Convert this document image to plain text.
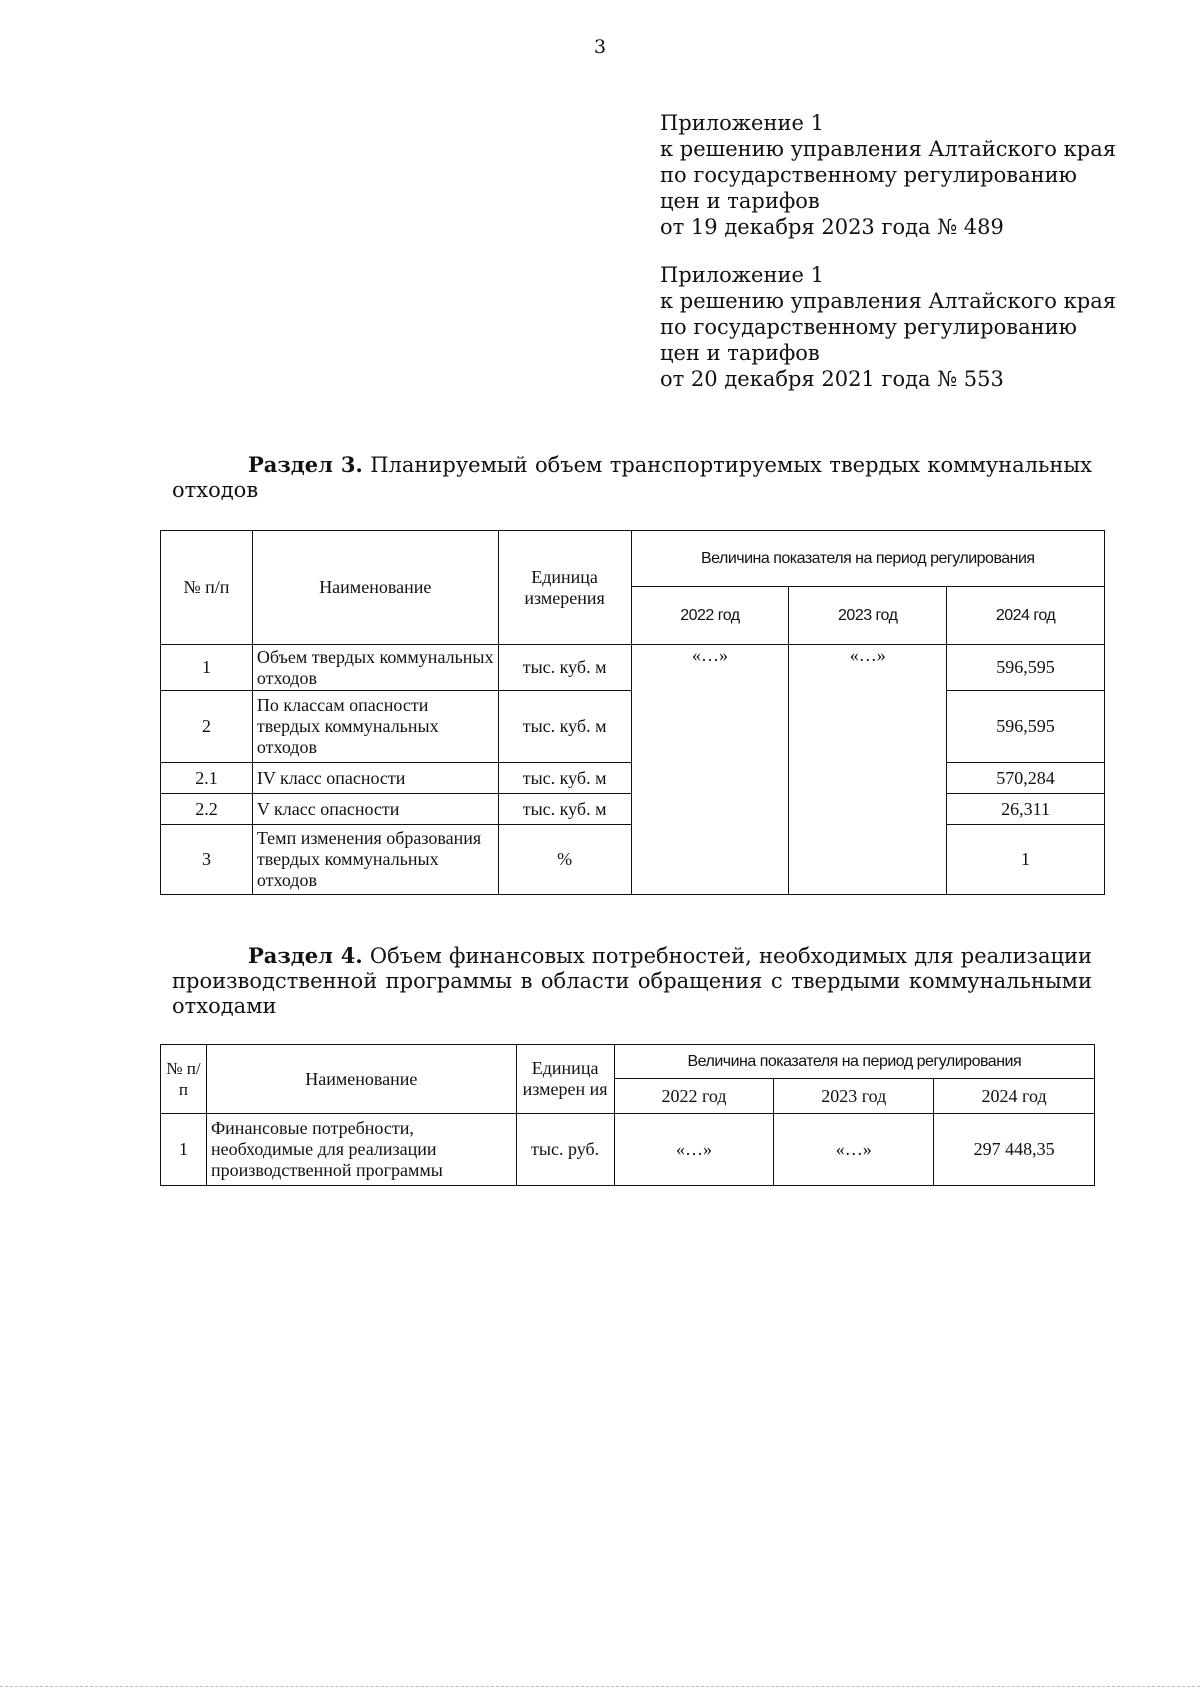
3
Приложение 1
к решению управления Алтайского края
по государственному регулированию
цен и тарифов
от 19 декабря 2023 года № 489
Приложение 1
к решению управления Алтайского края
по государственному регулированию
цен и тарифов
от 20 декабря 2021 года № 553
Раздел 3. Планируемый объем транспортируемых твердых коммунальных отходов
№ п/п	Наименование	Единица измерения	Величина показателя на период регулирования		
			2022 год	2023 год	2024 год
1	Объем твердых коммунальных отходов	тыс. куб. м	«…»	«…»	596,595
2	По классам опасности твердых коммунальных отходов	тыс. куб. м			596,595
2.1	IV класс опасности	тыс. куб. м			570,284
2.2	V класс опасности	тыс. куб. м			26,311
3	Темп изменения образования твердых коммунальных отходов	%			1
Раздел 4. Объем финансовых потребностей, необходимых для реализации производственной программы в области обращения с твердыми коммунальными отходами
№ п/ п	Наименование	Единица измерен ия	Величина показателя на период регулирования		
			2022 год	2023 год	2024 год
1	Финансовые потребности, необходимые для реализации производственной программы	тыс. руб.	«…»	«…»	297 448,35
